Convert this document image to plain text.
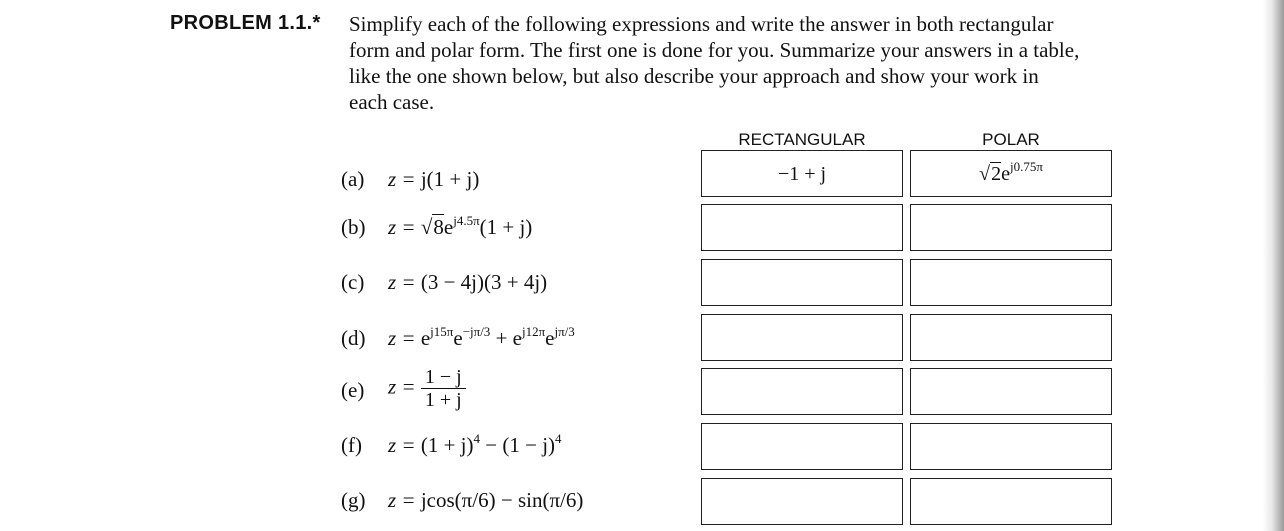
PROBLEM 1.1.* Simplify each of the following expressions and write the answer in both rectangular
form and polar form. The first one is done for you. Summarize your answers in a table,
like the one shown below, but also describe your approach and show your work in
each case.
RECTANGULAR	POLAR
(a) z = j(1 + j)	−1 + j	$√2e^{j0.75\pi}$
(b) $z = √8e^{j4.5\pi}(1 + j)$
(c) z = (3 − 4j)(3 + 4j)
(d) $z = e^{j15\pi}e^{-j\pi/3} + e^{j12\pi}e^{j\pi/3}$
(e) $z = \frac{1 - j}{1 + j}$
(f) $z = (1 + j)^4 - (1 - j)^4$
(g) z = jcos(π/6) − sin(π/6)
